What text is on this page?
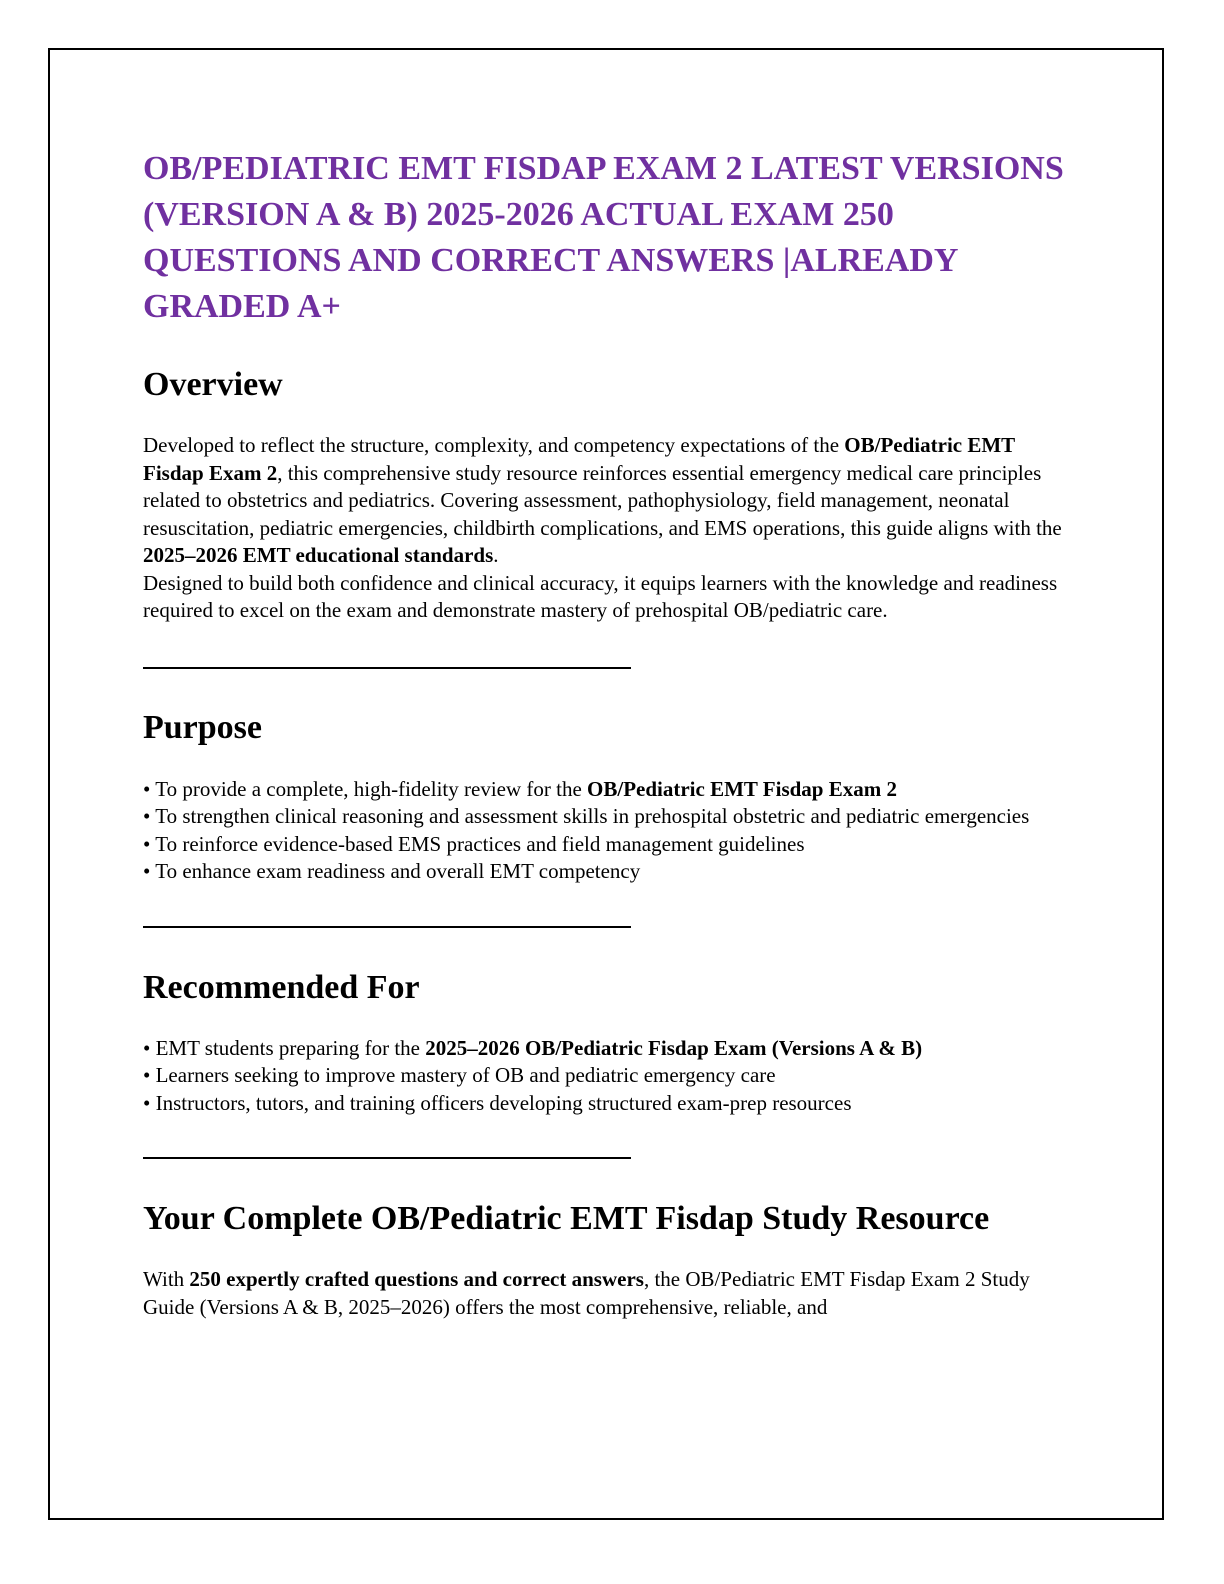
OB/PEDIATRIC EMT FISDAP EXAM 2 LATEST VERSIONS (VERSION A & B) 2025-2026 ACTUAL EXAM 250 QUESTIONS AND CORRECT ANSWERS |ALREADY GRADED A+
Overview

Developed to reflect the structure, complexity, and competency expectations of the OB/Pediatric EMT Fisdap Exam 2, this comprehensive study resource reinforces essential emergency medical care principles related to obstetrics and pediatrics. Covering assessment, pathophysiology, field management, neonatal resuscitation, pediatric emergencies, childbirth complications, and EMS operations, this guide aligns with the 2025–2026 EMT educational standards.

Designed to build both confidence and clinical accuracy, it equips learners with the knowledge and readiness required to excel on the exam and demonstrate mastery of prehospital OB/pediatric care.

Purpose
• To provide a complete, high-fidelity review for the OB/Pediatric EMT Fisdap Exam 2
• To strengthen clinical reasoning and assessment skills in prehospital obstetric and pediatric emergencies
• To reinforce evidence-based EMS practices and field management guidelines
• To enhance exam readiness and overall EMT competency
Recommended For
• EMT students preparing for the 2025–2026 OB/Pediatric Fisdap Exam (Versions A & B)
• Learners seeking to improve mastery of OB and pediatric emergency care
• Instructors, tutors, and training officers developing structured exam-prep resources
Your Complete OB/Pediatric EMT Fisdap Study Resource

With 250 expertly crafted questions and correct answers, the OB/Pediatric EMT Fisdap Exam 2 Study Guide (Versions A & B, 2025–2026) offers the most comprehensive, reliable, and
